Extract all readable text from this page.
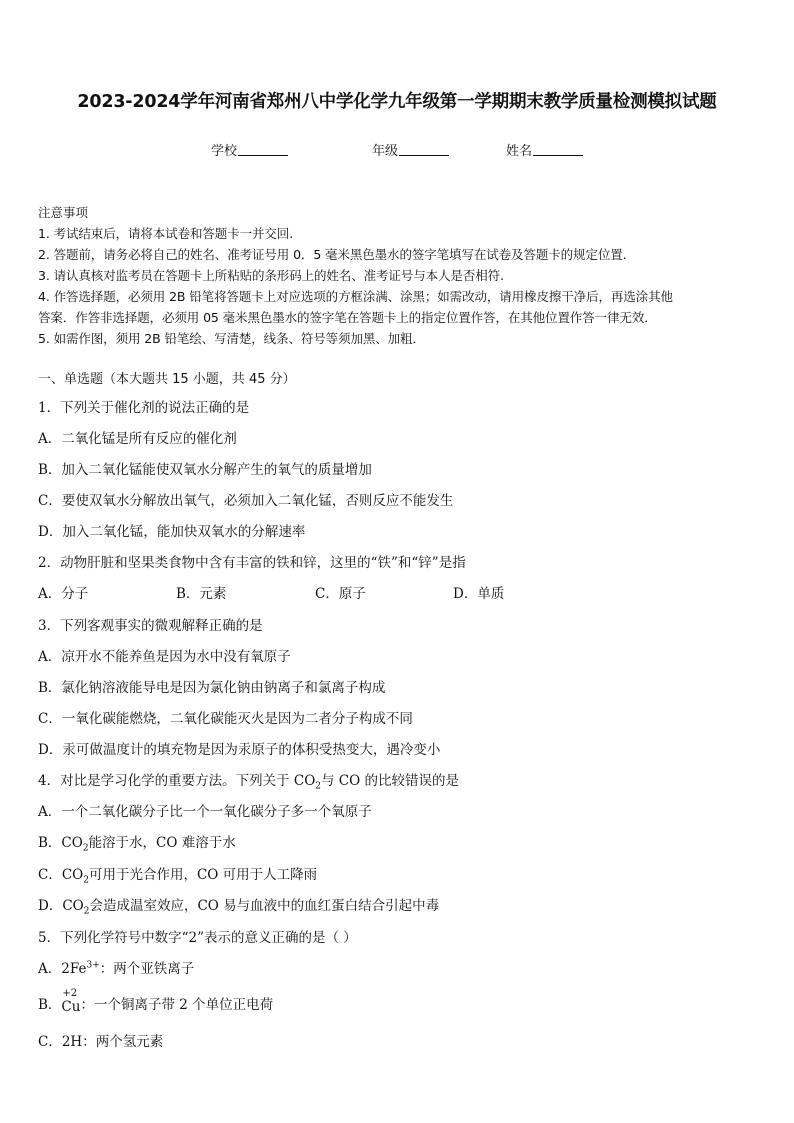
2023-2024学年河南省郑州八中学化学九年级第一学期期末教学质量检测模拟试题
学校	年级	姓名
注意事项
1. 考试结束后，请将本试卷和答题卡一并交回.
2. 答题前，请务必将自己的姓名、准考证号用 0．5 毫米黑色墨水的签字笔填写在试卷及答题卡的规定位置.
3. 请认真核对监考员在答题卡上所粘贴的条形码上的姓名、准考证号与本人是否相符.
4. 作答选择题，必须用 2B 铅笔将答题卡上对应选项的方框涂满、涂黑；如需改动，请用橡皮擦干净后，再选涂其他
答案．作答非选择题，必须用 05 毫米黑色墨水的签字笔在答题卡上的指定位置作答，在其他位置作答一律无效．
5. 如需作图，须用 2B 铅笔绘、写清楚，线条、符号等须加黑、加粗．
一、单选题（本大题共 15 小题，共 45 分）
1．下列关于催化剂的说法正确的是
A．二氧化锰是所有反应的催化剂
B．加入二氧化锰能使双氧水分解产生的氧气的质量增加
C．要使双氧水分解放出氧气，必须加入二氧化锰，否则反应不能发生
D．加入二氧化锰，能加快双氧水的分解速率
2．动物肝脏和坚果类食物中含有丰富的铁和锌，这里的“铁”和“锌”是指
A．分子	B．元素	C．原子	D．单质
3．下列客观事实的微观解释正确的是
A．凉开水不能养鱼是因为水中没有氧原子
B．氯化钠溶液能导电是因为氯化钠由钠离子和氯离子构成
C．一氧化碳能燃烧，二氧化碳能灭火是因为二者分子构成不同
D．汞可做温度计的填充物是因为汞原子的体积受热变大，遇冷变小
4．对比是学习化学的重要方法。下列关于 $CO_2$与 CO 的比较错误的是
A．一个二氧化碳分子比一个一氧化碳分子多一个氧原子
B．$CO_2$能溶于水，CO 难溶于水
C．$CO_2$可用于光合作用，CO 可用于人工降雨
D．$CO_2$会造成温室效应，CO 易与血液中的血红蛋白结合引起中毒
5．下列化学符号中数字“2”表示的意义正确的是（ ）
A．$2Fe^{3+}$：两个亚铁离子
B．
+2
Cu：一个铜离子带 2 个单位正电荷
C．2H：两个氢元素
